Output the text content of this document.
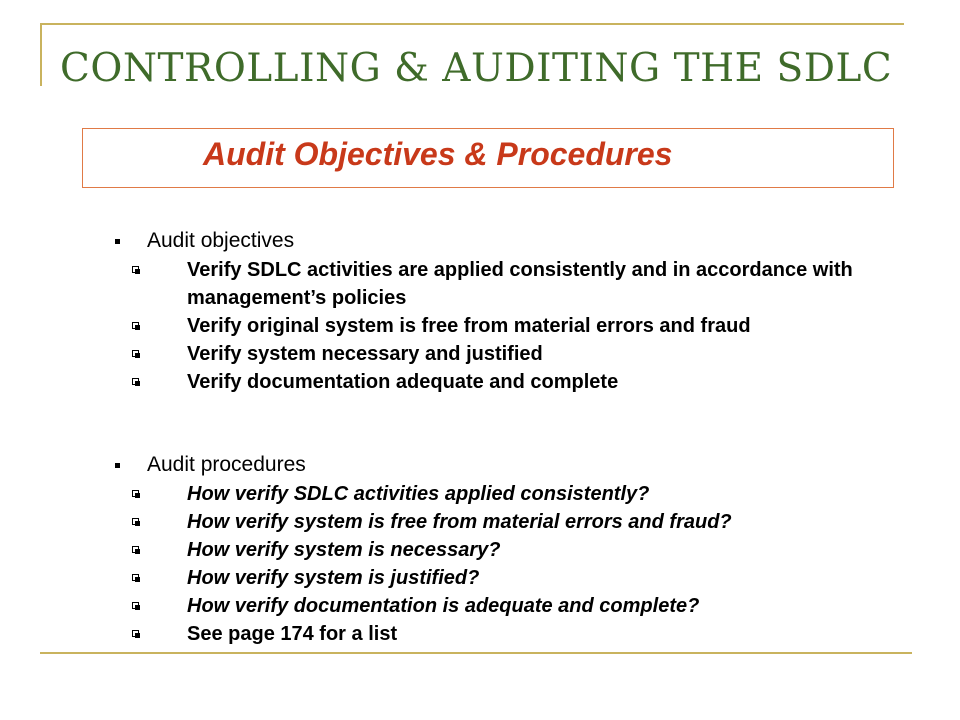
CONTROLLING & AUDITING THE SDLC
Audit Objectives & Procedures
Audit objectives
Verify SDLC activities are applied consistently and in accordance with management’s policies
Verify original system is free from material errors and fraud
Verify system necessary and justified
Verify documentation adequate and complete
Audit procedures
How verify SDLC activities applied consistently?
How verify system is free from material errors and fraud?
How verify system is necessary?
How verify system is justified?
How verify documentation is adequate and complete?
See page 174 for a list
